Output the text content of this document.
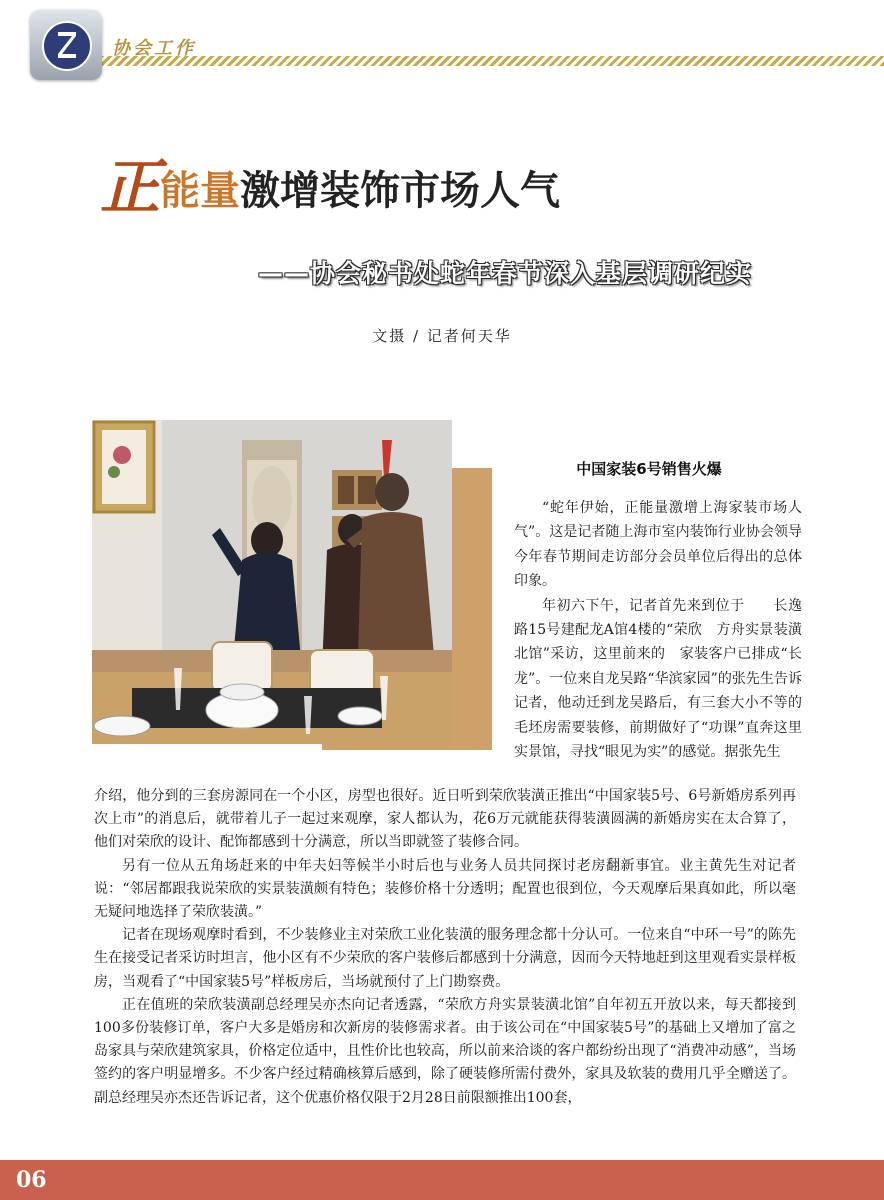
协会工作
正能量激增装饰市场人气
——协会秘书处蛇年春节深入基层调研纪实
文摄 / 记者何天华
中国家装6号销售火爆

“蛇年伊始，正能量激增上海家装市场人气”。这是记者随上海市室内装饰行业协会领导今年春节期间走访部分会员单位后得出的总体印象。

年初六下午，记者首先来到位于　　长逸路15号建配龙A馆4楼的“荣欣　方舟实景装潢北馆”采访，这里前来的　家装客户已排成“长龙”。一位来自龙吴路“华滨家园”的张先生告诉记者，他动迁到龙吴路后，有三套大小不等的　　毛坯房需要装修，前期做好了“功课”直奔这里实景馆，寻找“眼见为实”的感觉。据张先生

介绍，他分到的三套房源同在一个小区，房型也很好。近日听到荣欣装潢正推出“中国家装5号、6号新婚房系列再次上市”的消息后，就带着儿子一起过来观摩，家人都认为，花6万元就能获得装潢圆满的新婚房实在太合算了，他们对荣欣的设计、配饰都感到十分满意，所以当即就签了装修合同。

另有一位从五角场赶来的中年夫妇等候半小时后也与业务人员共同探讨老房翻新事宜。业主黄先生对记者说：“邻居都跟我说荣欣的实景装潢颇有特色；装修价格十分透明；配置也很到位，今天观摩后果真如此，所以毫无疑问地选择了荣欣装潢。”

记者在现场观摩时看到，不少装修业主对荣欣工业化装潢的服务理念都十分认可。一位来自“中环一号”的陈先生在接受记者采访时坦言，他小区有不少荣欣的客户装修后都感到十分满意，因而今天特地赶到这里观看实景样板房，当观看了“中国家装5号”样板房后，当场就预付了上门勘察费。

正在值班的荣欣装潢副总经理吴亦杰向记者透露，“荣欣方舟实景装潢北馆”自年初五开放以来，每天都接到100多份装修订单，客户大多是婚房和次新房的装修需求者。由于该公司在“中国家装5号”的基础上又增加了富之岛家具与荣欣建筑家具，价格定位适中，且性价比也较高，所以前来洽谈的客户都纷纷出现了“消费冲动感”，当场签约的客户明显增多。不少客户经过精确核算后感到，除了硬装修所需付费外，家具及软装的费用几乎全赠送了。副总经理吴亦杰还告诉记者，这个优惠价格仅限于2月28日前限额推出100套，

06
